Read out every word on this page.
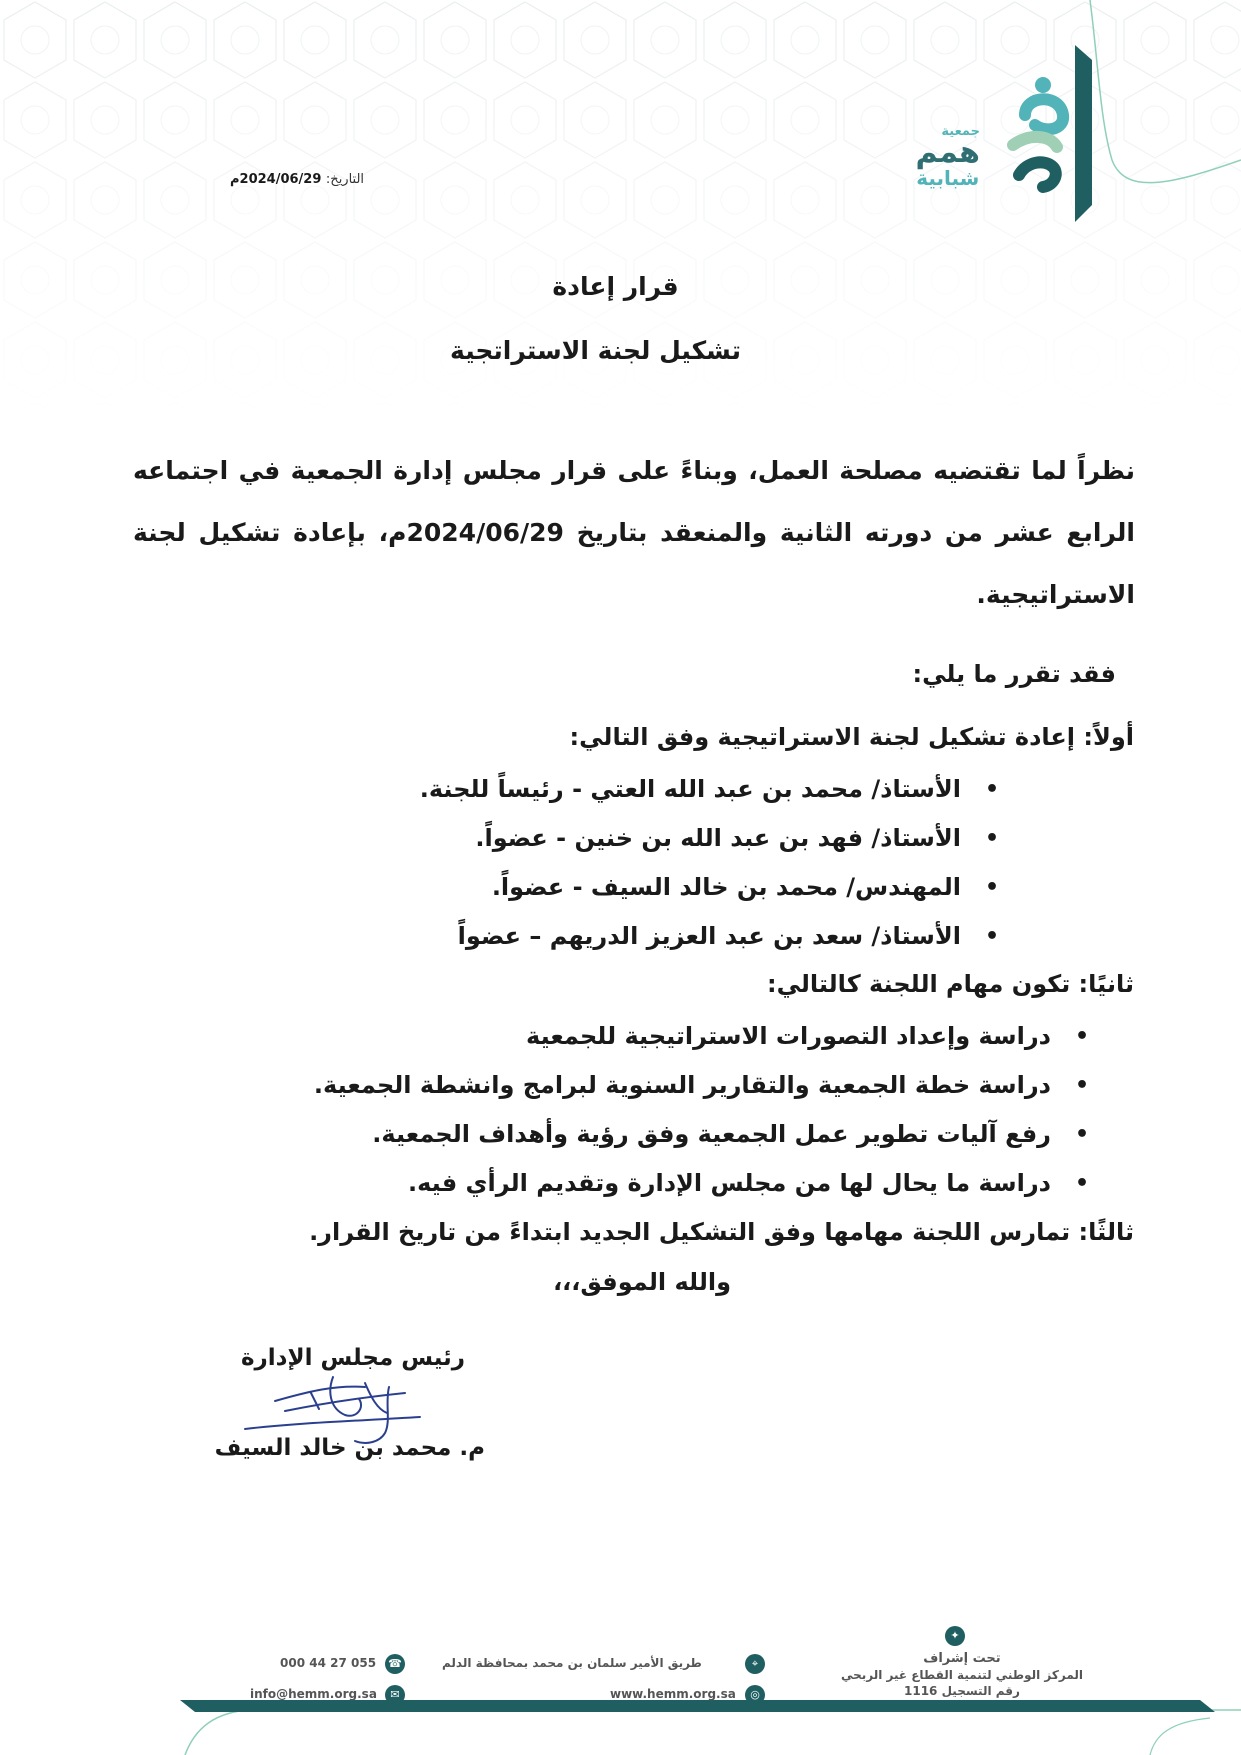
جمعية
همم
شبابية
التاريخ: 2024/06/29م
قرار إعادة
تشكيل لجنة الاستراتجية

نظراً لما تقتضيه مصلحة العمل، وبناءً على قرار مجلس إدارة الجمعية في اجتماعه الرابع عشر من دورته الثانية والمنعقد بتاريخ 2024/06/29م، بإعادة تشكيل لجنة الاستراتيجية.

فقد تقرر ما يلي:
أولاً: إعادة تشكيل لجنة الاستراتيجية وفق التالي:
• الأستاذ/ محمد بن عبد الله العتي - رئيساً للجنة.
• الأستاذ/ فهد بن عبد الله بن خنين - عضواً.
• المهندس/ محمد بن خالد السيف - عضواً.
• الأستاذ/ سعد بن عبد العزيز الدريهم – عضواً
ثانيًا: تكون مهام اللجنة كالتالي:
• دراسة وإعداد التصورات الاستراتيجية للجمعية
• دراسة خطة الجمعية والتقارير السنوية لبرامج وانشطة الجمعية.
• رفع آليات تطوير عمل الجمعية وفق رؤية وأهداف الجمعية.
• دراسة ما يحال لها من مجلس الإدارة وتقديم الرأي فيه.
ثالثًا: تمارس اللجنة مهامها وفق التشكيل الجديد ابتداءً من تاريخ القرار.
والله الموفق،،،
رئيس مجلس الإدارة
م. محمد بن خالد السيف
☎
055 27 44 000
✉
info@hemm.org.sa
⌖
طريق الأمير سلمان بن محمد بمحافظة الدلم
◎
www.hemm.org.sa
✦
تحت إشراف
المركز الوطني لتنمية القطاع غير الربحي
رقم التسجيل 1116
